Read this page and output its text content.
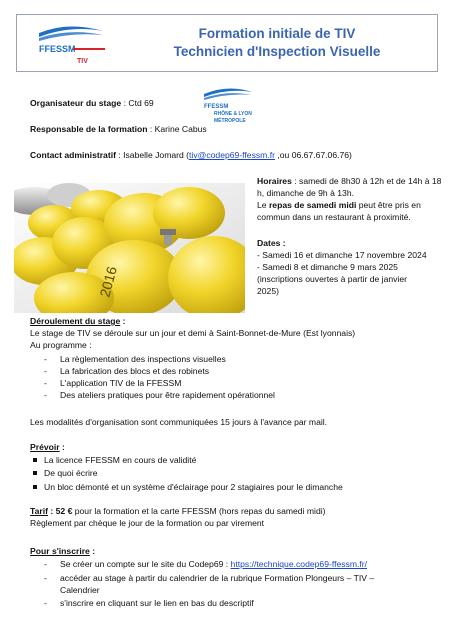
FFESSM
TIV
Formation initiale de TIV
Technicien d'Inspection Visuelle
FFESSM
RHÔNE & LYON
MÉTROPOLE
Organisateur du stage : Ctd 69
Responsable de la formation : Karine Cabus
Contact administratif : Isabelle Jomard (tiv@codep69-ffessm.fr ,ou 06.67.67.06.76)
2016
Horaires : samedi de 8h30 à 12h et de 14h à 18
h, dimanche de 9h à 13h.
Le repas de samedi midi peut être pris en
commun dans un restaurant à proximité.
Dates :
- Samedi 16 et dimanche 17 novembre 2024
- Samedi 8 et dimanche 9 mars 2025
(inscriptions ouvertes à partir de janvier
2025)
Déroulement du stage :
Le stage de TIV se déroule sur un jour et demi à Saint-Bonnet-de-Mure (Est lyonnais)
Au programme :
- La règlementation des inspections visuelles
- La fabrication des blocs et des robinets
- L'application TIV de la FFESSM
- Des ateliers pratiques pour être rapidement opérationnel
Les modalités d'organisation sont communiquées 15 jours à l'avance par mail.
Prévoir :
La licence FFESSM en cours de validité
De quoi écrire
Un bloc démonté et un système d'éclairage pour 2 stagiaires pour le dimanche
Tarif : 52 € pour la formation et la carte FFESSM (hors repas du samedi midi)
Règlement par chèque le jour de la formation ou par virement
Pour s'inscrire :
- Se créer un compte sur le site du Codep69 : https://technique.codep69-ffessm.fr/
- accéder au stage à partir du calendrier de la rubrique Formation Plongeurs – TIV –
Calendrier
- s'inscrire en cliquant sur le lien en bas du descriptif
